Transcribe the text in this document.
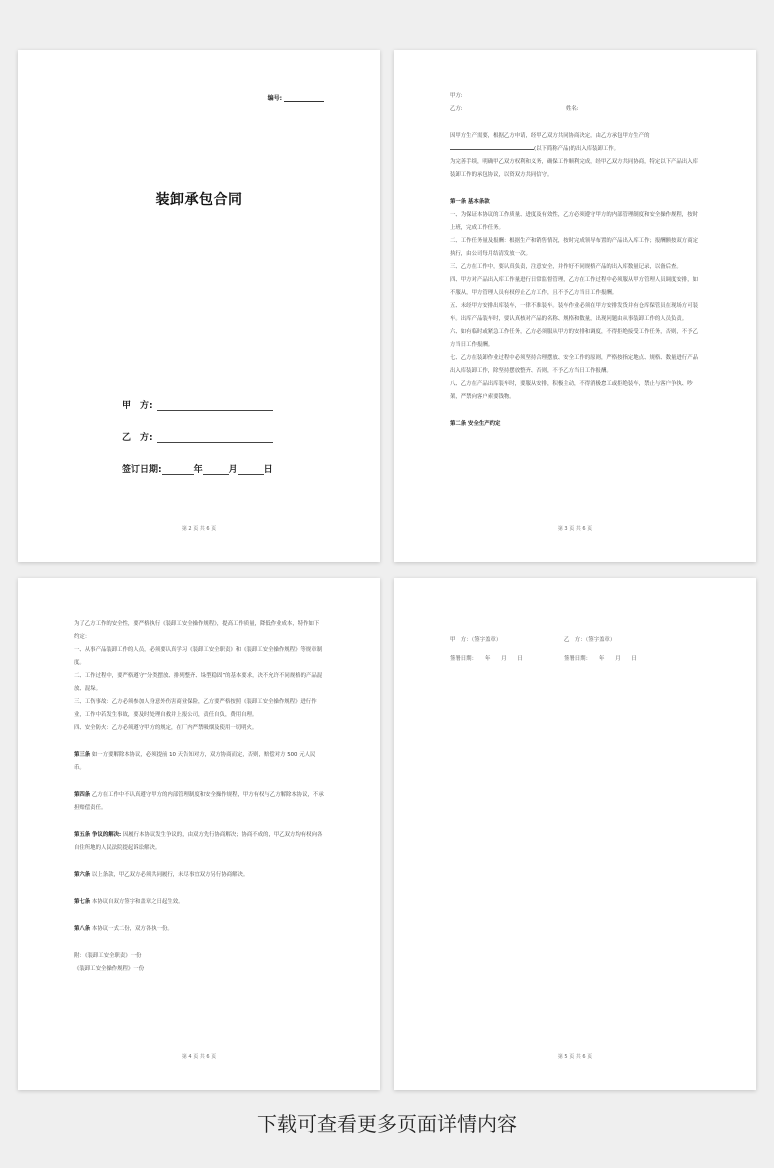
编号:
装卸承包合同
甲　方:
乙　方:
签订日期:	年	月	日
第 2 页 共 6 页

甲方:

乙方:	姓名:

因甲方生产需要，根据乙方申请，经甲乙双方共同协商决定，由乙方承包甲方生产的

(以下简称产品)的出入库装卸工作。

为完善手续，明确甲乙双方权利和义务，确保工作顺利完成，经甲乙双方共同协商，特定以下产品出入库装卸工作的承包协议，以资双方共同信守。

第一条 基本条款

一、为保证本协议的工作质量、进度及有效性，乙方必须遵守甲方的内部管理制度和安全操作规程，按时上班，完成工作任务。

二、工作任务量及报酬：根据生产和销售情况，按时完成领导布置的产品出入库工作；报酬额按双方商定执行，由公司每月结清发放一次。

三、乙方在工作中，要认真负责，注意安全，并作好不同规格产品的出入库数量记录，以备后查。

四、甲方对产品出入库工作量进行日常监督管理，乙方在工作过程中必须服从甲方管理人员调度安排，如不服从，甲方管理人员有权停止乙方工作，且不予乙方当日工作报酬。

五、未经甲方安排出库装车，一律不准装车。装车作业必须在甲方安排发货并有仓库保管员在现场方可装车。出库产品装车时，要认真核对产品的名称、规格和数量，出现问题由从事装卸工作的人员负责。

六、如有临时或紧急工作任务，乙方必须服从甲方的安排和调度，不得拒绝接受工作任务，否则，不予乙方当日工作报酬。

七、乙方在装卸作业过程中必须坚持合理摆放、安全工作的原则，严格按指定地点、规格、数量进行产品出入库装卸工作，除坚持摆放整齐、否则，不予乙方当日工作报酬。

八、乙方在产品出库装车时，要服从安排，积极主动，不得消极怠工或拒绝装车，禁止与客户争执、吵架，严禁向客户索要钱物。

第二条 安全生产约定

第 3 页 共 6 页

为了乙方工作的安全性，要严格执行《装卸工安全操作规程》，提高工作质量，降低作业成本，特作如下约定：

一、从事产品装卸工作的人员，必须要认真学习《装卸工安全职责》和《装卸工安全操作规程》等规章制度。

二、工作过程中，要严格遵守“分类摆放、排列整齐、垛型稳固”的基本要求，决不允许不同规格的产品混放、混垛。

三、工伤事故：乙方必须参加人身意外伤害商业保险，乙方要严格按照《装卸工安全操作规程》进行作业，工作中若发生事故，要及时处理自救并上报公司，责任自负，费用自理。

四、安全防火：乙方必须遵守甲方的规定，在厂内严禁吸烟及使用一切明火。

第三条 如一方要解除本协议，必须提前 10 天告知对方，双方协商而定，否则，赔偿对方 500 元人民币。

第四条 乙方在工作中不认真遵守甲方的内部管理制度和安全操作规程，甲方有权与乙方解除本协议，不承担赔偿责任。

第五条 争议的解决: 因履行本协议发生争议的，由双方先行协商解决；协商不成的，甲乙双方均有权向各自住所地的人民法院提起诉讼解决。

第六条 以上条款，甲乙双方必须共同履行，未尽事宜双方另行协商解决。

第七条 本协议自双方签字和盖章之日起生效。

第八条 本协议一式二份，双方各执一份。

附：《装卸工安全职责》一份

《装卸工安全操作规程》一份

第 4 页 共 6 页
甲　方：（签字盖章）	乙　方：（签字盖章）
签署日期：　　年　　月　　日	签署日期：　　年　　月　　日
第 5 页 共 6 页
下载可查看更多页面详情内容
